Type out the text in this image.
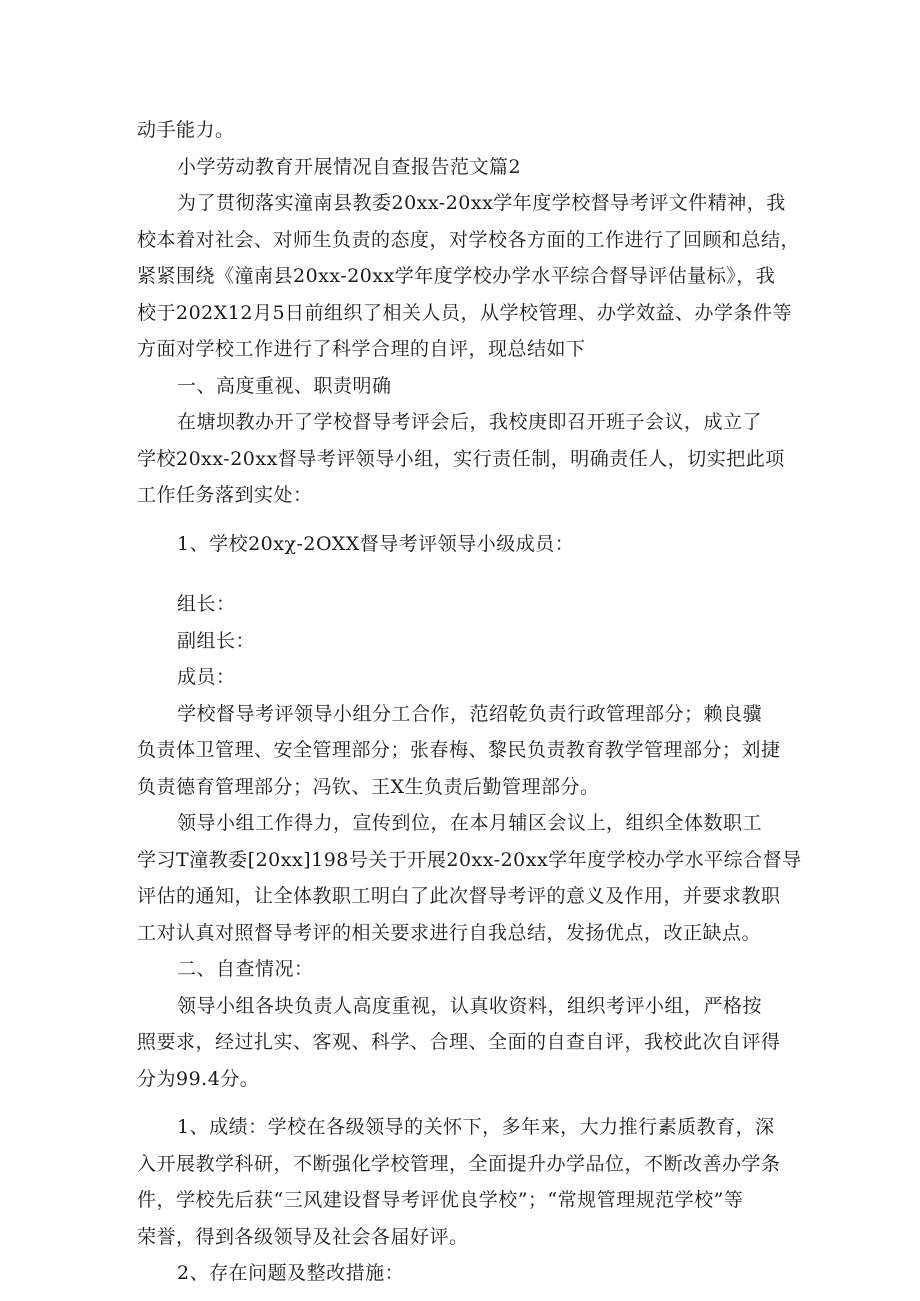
动手能力。
小学劳动教育开展情况自查报告范文篇2
为了贯彻落实潼南县教委20xx-20xx学年度学校督导考评文件精神，我
校本着对社会、对师生负责的态度，对学校各方面的工作进行了回顾和总结，
紧紧围绕《潼南县20xx-20xx学年度学校办学水平综合督导评估量标》，我
校于202X12月5日前组织了相关人员，从学校管理、办学效益、办学条件等
方面对学校工作进行了科学合理的自评，现总结如下
一、高度重视、职责明确
在塘坝教办开了学校督导考评会后，我校庚即召开班子会议，成立了
学校20xx-20xx督导考评领导小组，实行责任制，明确责任人，切实把此项
工作任务落到实处：
1、学校20xχ-2OXX督导考评领导小级成员：
组长：
副组长：
成员：
学校督导考评领导小组分工合作，范绍乾负责行政管理部分；赖良骥
负责体卫管理、安全管理部分；张春梅、黎民负责教育教学管理部分；刘捷
负责德育管理部分；冯钦、王X生负责后勤管理部分。
领导小组工作得力，宣传到位，在本月辅区会议上，组织全体数职工
学习T潼教委[20xx]198号关于开展20xx-20xx学年度学校办学水平综合督导
评估的通知，让全体教职工明白了此次督导考评的意义及作用，并要求教职
工对认真对照督导考评的相关要求进行自我总结，发扬优点，改正缺点。
二、自查情况：
领导小组各块负责人高度重视，认真收资料，组织考评小组，严格按
照要求，经过扎实、客观、科学、合理、全面的自查自评，我校此次自评得
分为99.4分。
1、成绩：学校在各级领导的关怀下，多年来，大力推行素质教育，深
入开展教学科研，不断强化学校管理，全面提升办学品位，不断改善办学条
件，学校先后获“三风建设督导考评优良学校”；“常规管理规范学校”等
荣誉，得到各级领导及社会各届好评。
2、存在问题及整改措施：
